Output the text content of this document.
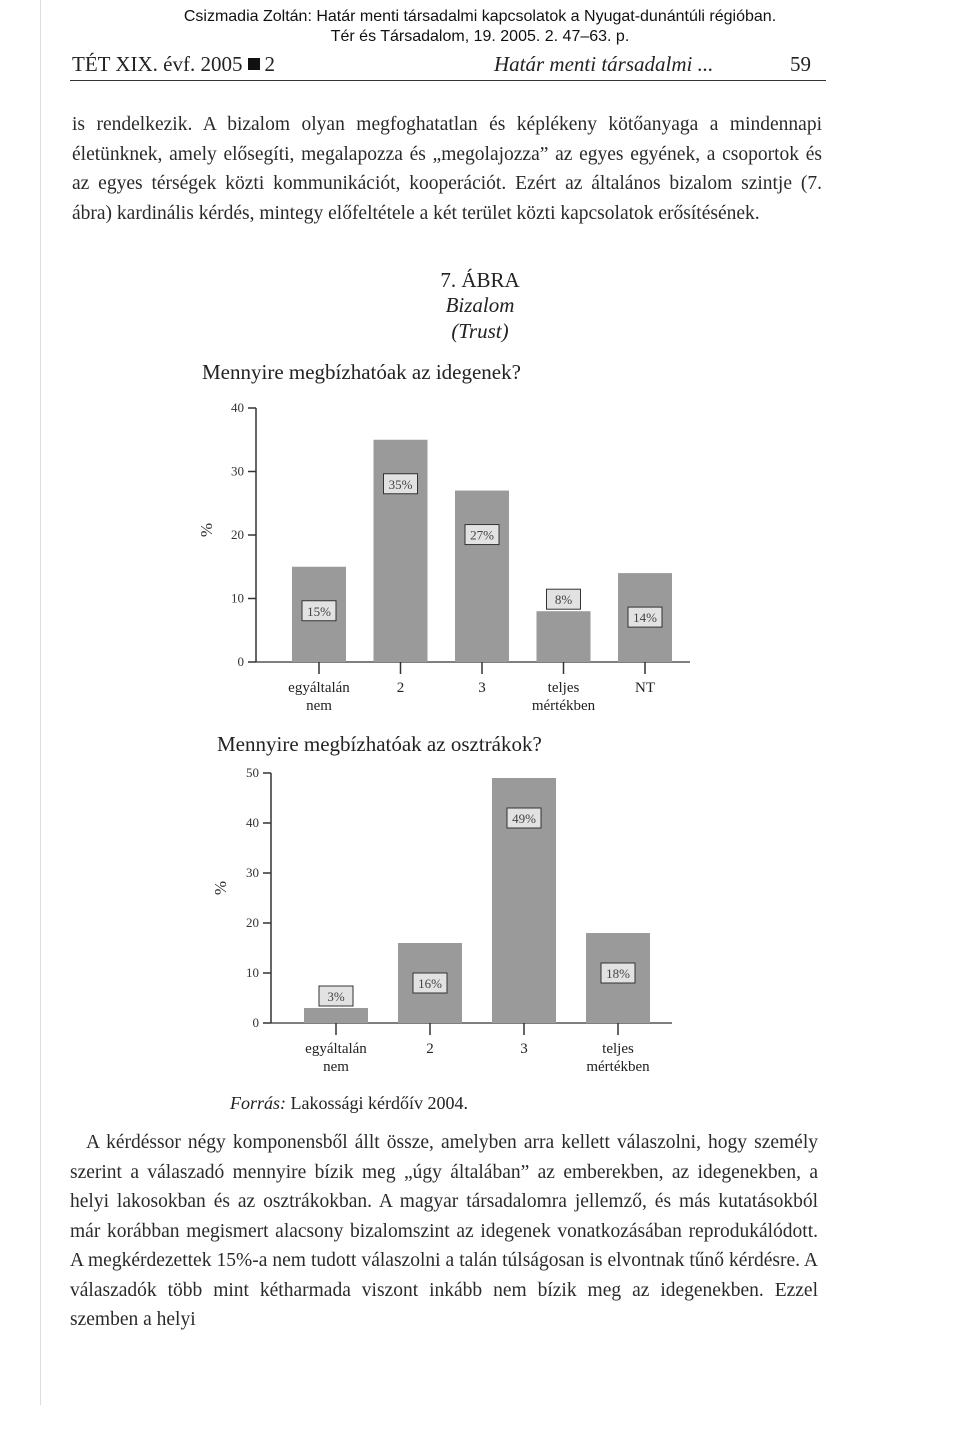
Csizmadia Zoltán: Határ menti társadalmi kapcsolatok a Nyugat-dunántúli régióban.
Tér és Társadalom, 19. 2005. 2. 47–63. p.
TÉT XIX. évf. 2005 2	Határ menti társadalmi ...	59
is rendelkezik. A bizalom olyan megfoghatatlan és képlékeny kötőanyaga a mindennapi életünknek, amely elősegíti, megalapozza és „megolajozza” az egyes egyének, a csoportok és az egyes térségek közti kommunikációt, kooperációt. Ezért az általános bizalom szintje (7. ábra) kardinális kérdés, mintegy előfeltétele a két terület közti kapcsolatok erősítésének.
7. ÁBRA
Bizalom
(Trust)
Mennyire megbízhatóak az idegenek?
0
10
20
30
40
%
egyáltalán
nem
15%
2
35%
3
27%
teljes
mértékben
8%
NT
14%
Mennyire megbízhatóak az osztrákok?
0
10
20
30
40
50
%
egyáltalán
nem
3%
2
16%
3
49%
teljes
mértékben
18%
Forrás: Lakossági kérdőív 2004.
A kérdéssor négy komponensből állt össze, amelyben arra kellett válaszolni, hogy személy szerint a válaszadó mennyire bízik meg „úgy általában” az emberekben, az idegenekben, a helyi lakosokban és az osztrákokban. A magyar társadalomra jellemző, és más kutatásokból már korábban megismert alacsony bizalomszint az idegenek vonatkozásában reprodukálódott. A megkérdezettek 15%-a nem tudott válaszolni a talán túlságosan is elvontnak tűnő kérdésre. A válaszadók több mint kétharmada viszont inkább nem bízik meg az idegenekben. Ezzel szemben a helyi
